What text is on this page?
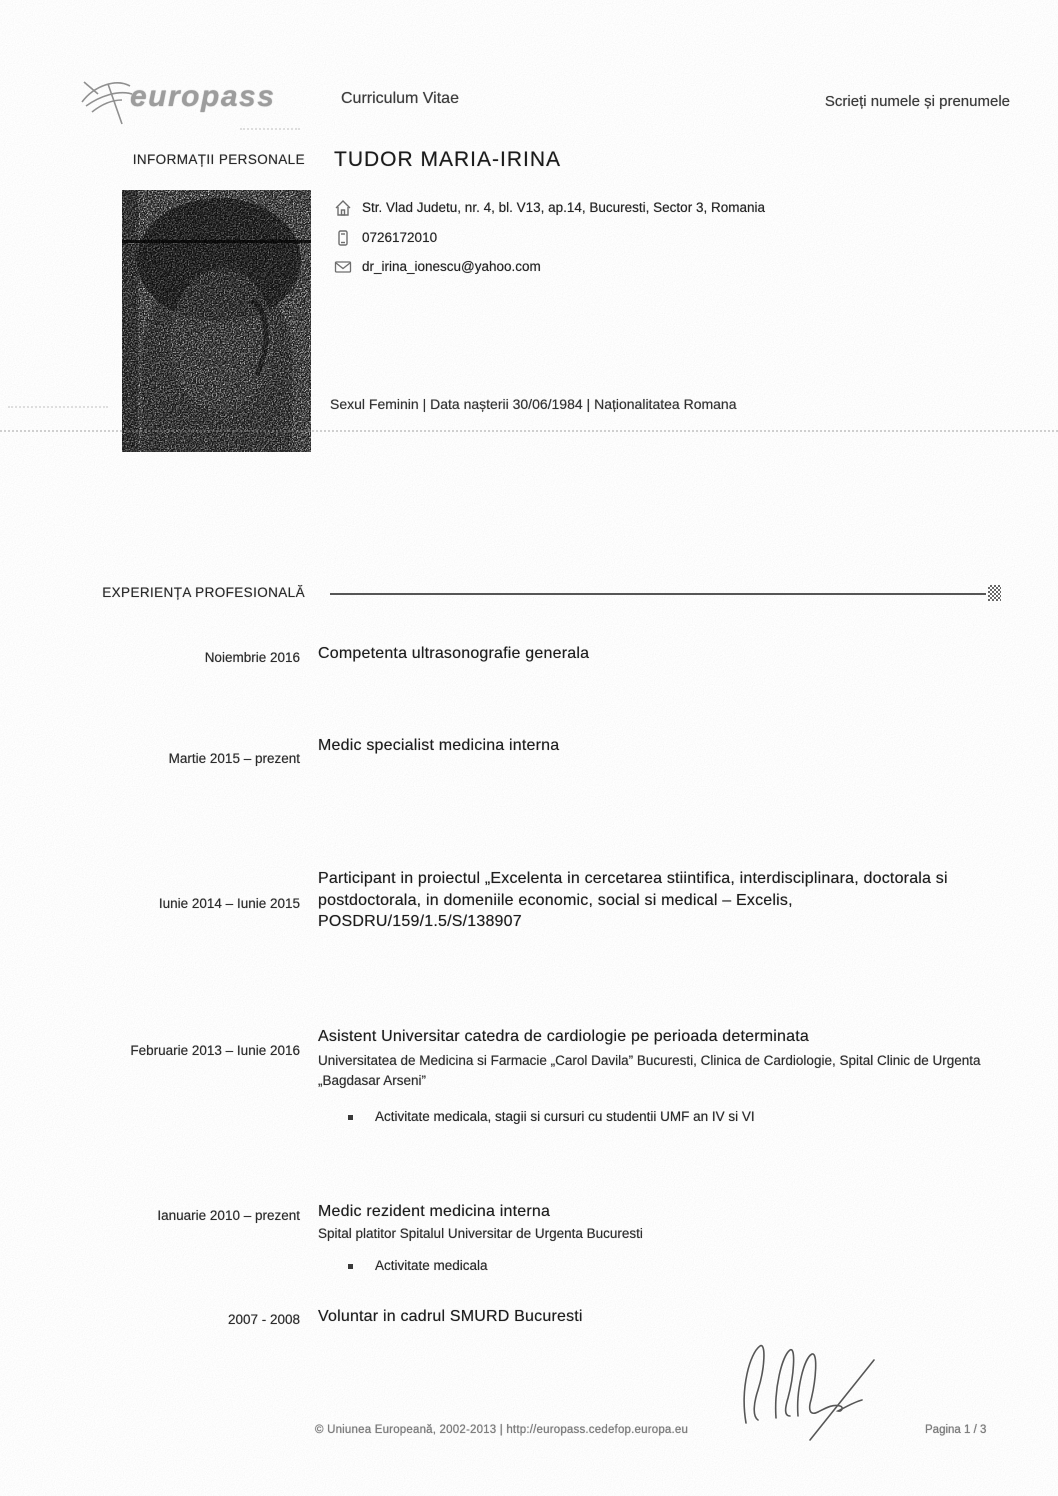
europass	Curriculum Vitae	Scrieți numele și prenumele
INFORMAȚII PERSONALE TUDOR MARIA-IRINA
Str. Vlad Judetu, nr. 4, bl. V13, ap.14, Bucuresti, Sector 3, Romania
0726172010
dr_irina_ionescu@yahoo.com
Sexul Feminin | Data nașterii 30/06/1984 | Naționalitatea Romana
EXPERIENȚA PROFESIONALĂ
Noiembrie 2016 Competenta ultrasonografie generala
Martie 2015 – prezent
Medic specialist medicina interna
Iunie 2014 – Iunie 2015
Participant in proiectul „Excelenta in cercetarea stiintifica, interdisciplinara, doctorala si postdoctorala, in domeniile economic, social si medical – Excelis, POSDRU/159/1.5/S/138907
Februarie 2013 – Iunie 2016
Asistent Universitar catedra de cardiologie pe perioada determinata
Universitatea de Medicina si Farmacie „Carol Davila” Bucuresti, Clinica de Cardiologie, Spital Clinic de Urgenta „Bagdasar Arseni”
Activitate medicala, stagii si cursuri cu studentii UMF an IV si VI
Ianuarie 2010 – prezent Medic rezident medicina interna
Spital platitor Spitalul Universitar de Urgenta Bucuresti
Activitate medicala
2007 - 2008 Voluntar in cadrul SMURD Bucuresti
© Uniunea Europeană, 2002-2013 | http://europass.cedefop.europa.eu	Pagina 1 / 3
